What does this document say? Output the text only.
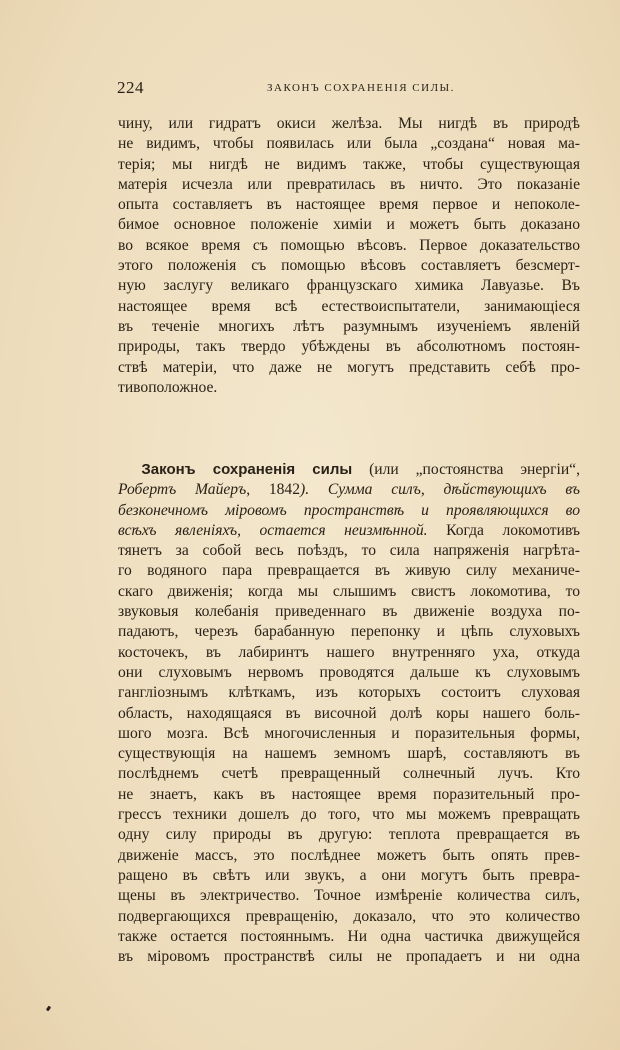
224	ЗАКОНЪ СОХРАНЕНІЯ СИЛЫ.
чину, или гидратъ окиси желѣза. Мы нигдѣ въ природѣ
не видимъ, чтобы появилась или была „создана“ новая ма-
терія; мы нигдѣ не видимъ также, чтобы существующая
матерія исчезла или превратилась въ ничто. Это показаніе
опыта составляетъ въ настоящее время первое и непоколе-
бимое основное положеніе химіи и можетъ быть доказано
во всякое время съ помощью вѣсовъ. Первое доказательство
этого положенія съ помощью вѣсовъ составляетъ безсмерт-
ную заслугу великаго французскаго химика Лавуазье. Въ
настоящее время всѣ естествоиспытатели, занимающіеся
въ теченіе многихъ лѣтъ разумнымъ изученіемъ явленій
природы, такъ твердо убѣждены въ абсолютномъ постоян-
ствѣ матеріи, что даже не могутъ представить себѣ про-
тивоположное.
  Законъ сохраненія силы (или „постоянства энергіи“,
Робертъ Майеръ, 1842). Сумма силъ, дѣйствующихъ въ
безконечномъ міровомъ пространствѣ и проявляющихся во
всѣхъ явленіяхъ, остается неизмѣнной. Когда локомотивъ
тянетъ за собой весь поѣздъ, то сила напряженія нагрѣта-
го водяного пара превращается въ живую силу механиче-
скаго движенія; когда мы слышимъ свистъ локомотива, то
звуковыя колебанія приведеннаго въ движеніе воздуха по-
падаютъ, черезъ барабанную перепонку и цѣпь слуховыхъ
косточекъ, въ лабиринтъ нашего внутренняго уха, откуда
они слуховымъ нервомъ проводятся дальше къ слуховымъ
ганглiознымъ клѣткамъ, изъ которыхъ состоитъ слуховая
область, находящаяся въ височной долѣ коры нашего боль-
шого мозга. Всѣ многочисленныя и поразительныя формы,
существующія на нашемъ земномъ шарѣ, составляютъ въ
послѣднемъ счетѣ превращенный солнечный лучъ. Кто
не знаетъ, какъ въ настоящее время поразительный про-
грессъ техники дошелъ до того, что мы можемъ превращать
одну силу природы въ другую: теплота превращается въ
движеніе массъ, это послѣднее можетъ быть опять прев-
ращено въ свѣтъ или звукъ, а они могутъ быть превра-
щены въ электричество. Точное измѣреніе количества силъ,
подвергающихся превращенію, доказало, что это количество
также остается постояннымъ. Ни одна частичка движущейся
въ міровомъ пространствѣ силы не пропадаетъ и ни одна
